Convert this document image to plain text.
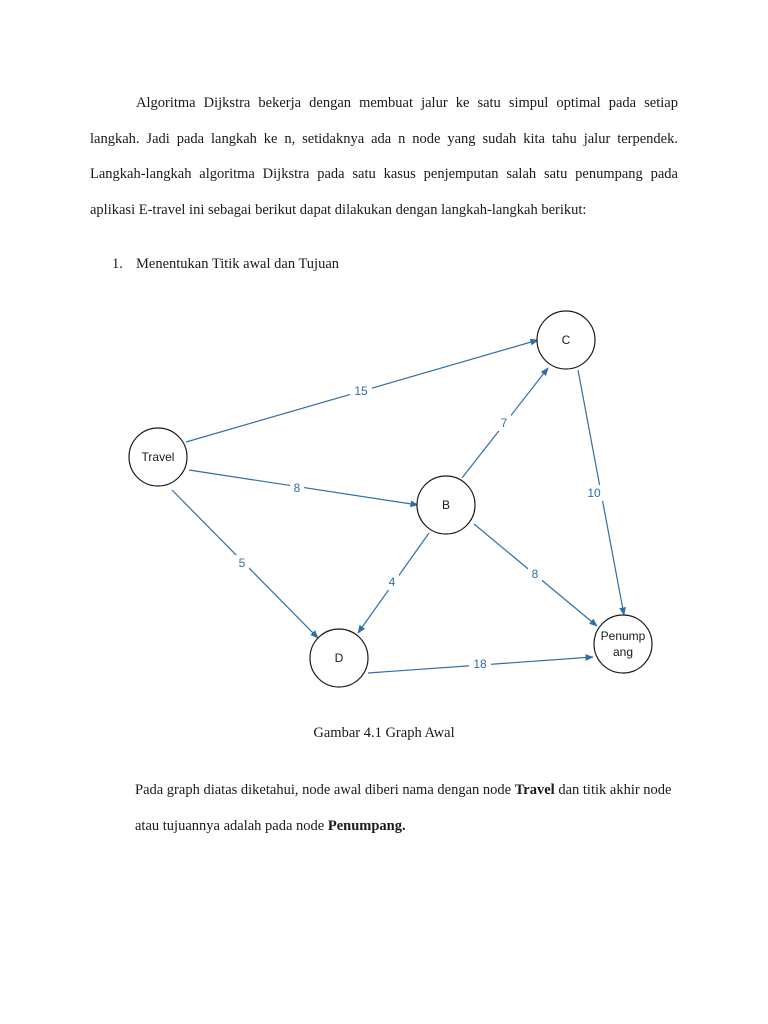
Algoritma Dijkstra bekerja dengan membuat jalur ke satu simpul optimal pada setiap langkah. Jadi pada langkah ke n, setidaknya ada n node yang sudah kita tahu jalur terpendek. Langkah-langkah algoritma Dijkstra pada satu kasus penjemputan salah satu penumpang pada aplikasi E-travel ini sebagai berikut dapat dilakukan dengan langkah-langkah berikut:

1. Menentukan Titik awal dan Tujuan
15
8
5
7
4
8
10
18
Travel
C
B
D
Penump
ang
Gambar 4.1 Graph Awal

Pada graph diatas diketahui, node awal diberi nama dengan node Travel dan titik akhir node atau tujuannya adalah pada node Penumpang.
